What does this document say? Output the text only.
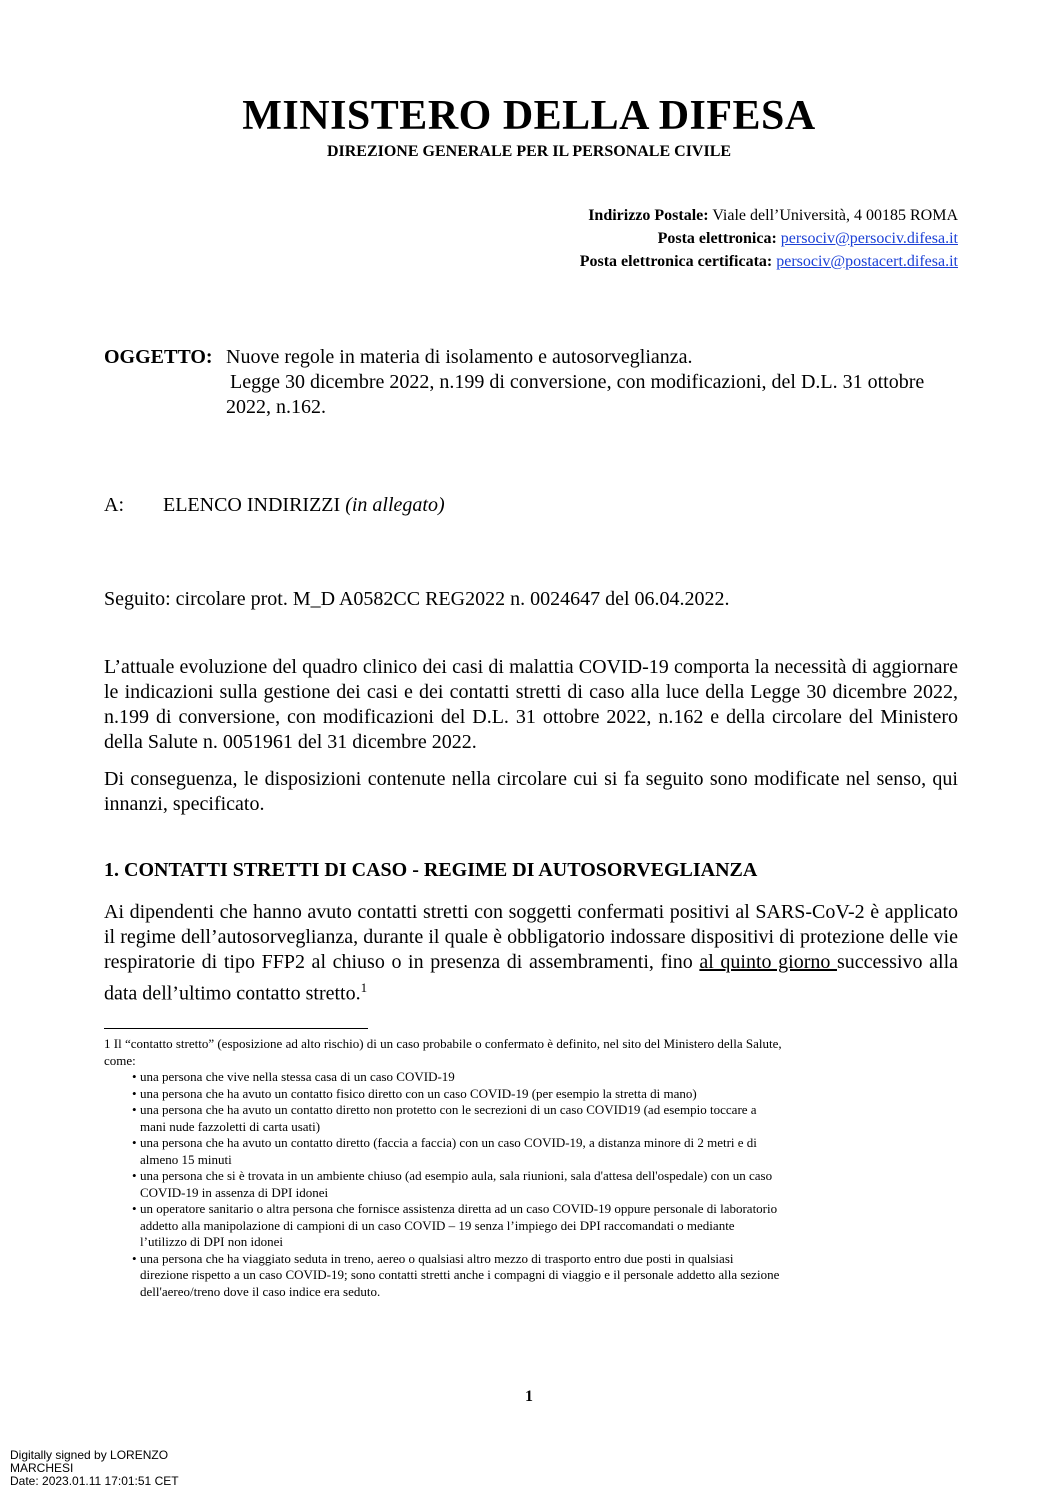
MINISTERO DELLA DIFESA
DIREZIONE GENERALE PER IL PERSONALE CIVILE
Indirizzo Postale: Viale dell’Università, 4 00185 ROMA
Posta elettronica: persociv@persociv.difesa.it
Posta elettronica certificata: persociv@postacert.difesa.it
OGGETTO: Nuove regole in materia di isolamento e autosorveglianza.
Legge 30 dicembre 2022, n.199 di conversione, con modificazioni, del D.L. 31 ottobre
2022, n.162.
A: ELENCO INDIRIZZI (in allegato)
Seguito: circolare prot. M_D A0582CC REG2022 n. 0024647 del 06.04.2022.
L’attuale evoluzione del quadro clinico dei casi di malattia COVID-19 comporta la necessità di aggiornare le indicazioni sulla gestione dei casi e dei contatti stretti di caso alla luce della Legge 30 dicembre 2022, n.199 di conversione, con modificazioni del D.L. 31 ottobre 2022, n.162 e della circolare del Ministero della Salute n. 0051961 del 31 dicembre 2022.
Di conseguenza, le disposizioni contenute nella circolare cui si fa seguito sono modificate nel senso, qui innanzi, specificato.
1. CONTATTI STRETTI DI CASO - REGIME DI AUTOSORVEGLIANZA
Ai dipendenti che hanno avuto contatti stretti con soggetti confermati positivi al SARS-CoV-2 è applicato il regime dell’autosorveglianza, durante il quale è obbligatorio indossare dispositivi di protezione delle vie respiratorie di tipo FFP2 al chiuso o in presenza di assembramenti, fino al quinto giorno successivo alla data dell’ultimo contatto stretto.$^1$
1 Il “contatto stretto” (esposizione ad alto rischio) di un caso probabile o confermato è definito, nel sito del Ministero della Salute, come:
• una persona che vive nella stessa casa di un caso COVID-19
• una persona che ha avuto un contatto fisico diretto con un caso COVID-19 (per esempio la stretta di mano)
• una persona che ha avuto un contatto diretto non protetto con le secrezioni di un caso COVID19 (ad esempio toccare a mani nude fazzoletti di carta usati)
• una persona che ha avuto un contatto diretto (faccia a faccia) con un caso COVID-19, a distanza minore di 2 metri e di almeno 15 minuti
• una persona che si è trovata in un ambiente chiuso (ad esempio aula, sala riunioni, sala d'attesa dell'ospedale) con un caso COVID-19 in assenza di DPI idonei
• un operatore sanitario o altra persona che fornisce assistenza diretta ad un caso COVID-19 oppure personale di laboratorio addetto alla manipolazione di campioni di un caso COVID – 19 senza l’impiego dei DPI raccomandati o mediante l’utilizzo di DPI non idonei
• una persona che ha viaggiato seduta in treno, aereo o qualsiasi altro mezzo di trasporto entro due posti in qualsiasi direzione rispetto a un caso COVID-19; sono contatti stretti anche i compagni di viaggio e il personale addetto alla sezione dell'aereo/treno dove il caso indice era seduto.
1
Digitally signed by LORENZO
MARCHESI
Date: 2023.01.11 17:01:51 CET
